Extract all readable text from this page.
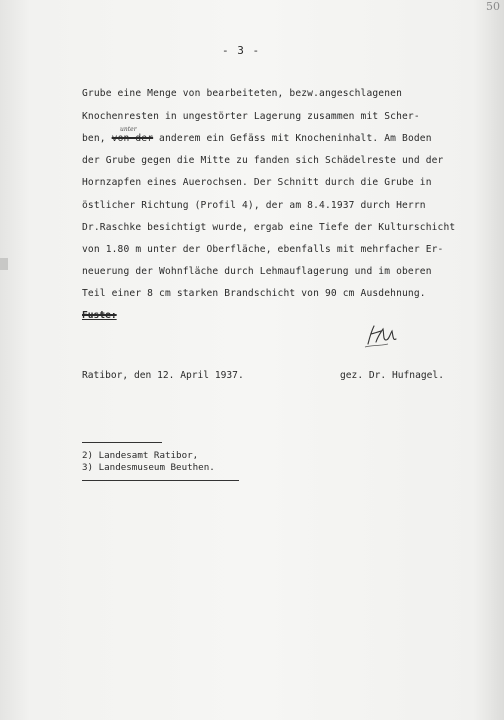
50
- 3 -
unter
Grube eine Menge von bearbeiteten, bezw.angeschlagenen
Knochenresten in ungestörter Lagerung zusammen mit Scher-
ben, von der anderem ein Gefäss mit Knocheninhalt. Am Boden
der Grube gegen die Mitte zu fanden sich Schädelreste und der
Hornzapfen eines Auerochsen. Der Schnitt durch die Grube in
östlicher Richtung (Profil 4), der am 8.4.1937 durch Herrn
Dr.Raschke besichtigt wurde, ergab eine Tiefe der Kulturschicht
von 1.80 m unter der Oberfläche, ebenfalls mit mehrfacher Er-
neuerung der Wohnfläche durch Lehmauflagerung und im oberen
Teil einer 8 cm starken Brandschicht von 90 cm Ausdehnung.
Fuste:
Ratibor, den 12. April 1937.	gez. Dr. Hufnagel.
2) Landesamt Ratibor,
3) Landesmuseum Beuthen.
